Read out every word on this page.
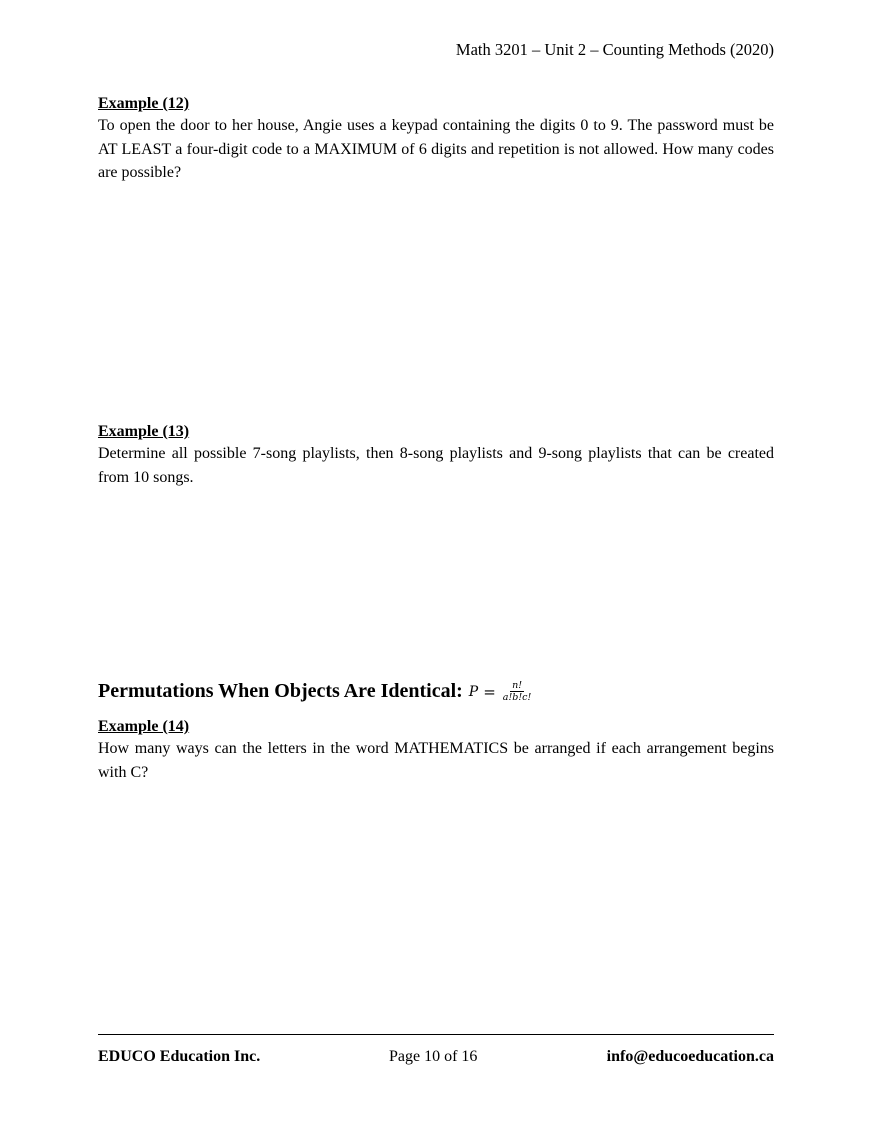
Math 3201 – Unit 2 – Counting Methods (2020)
Example (12)
To open the door to her house, Angie uses a keypad containing the digits 0 to 9. The password must be AT LEAST a four-digit code to a MAXIMUM of 6 digits and repetition is not allowed. How many codes are possible?
Example (13)
Determine all possible 7-song playlists, then 8-song playlists and 9-song playlists that can be created from 10 songs.
Permutations When Objects Are Identical: $P = \frac{n!}{a!b!c!}$
Example (14)
How many ways can the letters in the word MATHEMATICS be arranged if each arrangement begins with C?
EDUCO Education Inc.	Page 10 of 16	info@educoeducation.ca
